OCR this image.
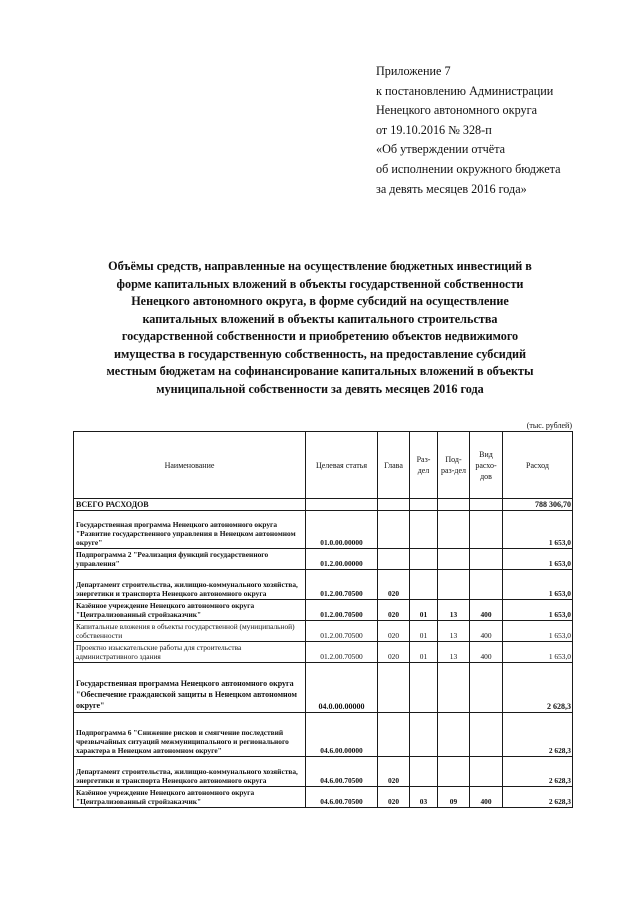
Приложение 7
к постановлению Администрации
Ненецкого автономного округа
от 19.10.2016 № 328-п
«Об утверждении отчёта
об исполнении окружного бюджета
за девять месяцев 2016 года»
Объёмы средств, направленные на осуществление бюджетных инвестиций в
форме капитальных вложений в объекты государственной собственности
Ненецкого автономного округа, в форме субсидий на осуществление
капитальных вложений в объекты капитального строительства
государственной собственности и приобретению объектов недвижимого
имущества в государственную собственность, на предоставление субсидий
местным бюджетам на софинансирование капитальных вложений в объекты
муниципальной собственности за девять месяцев 2016 года
(тыс. рублей)
Наименование	Целевая статья	Глава	Раз-дел	Под-раз-дел	Вид расхо-дов	Расход
ВСЕГО РАСХОДОВ						788 306,70
Государственная программа Ненецкого автономного округа "Развитие государственного управления в Ненецком автономном округе"	01.0.00.00000					1 653,0
Подпрограмма 2 "Реализация функций государственного управления"	01.2.00.00000					1 653,0
Департамент строительства, жилищно-коммунального хозяйства, энергетики и транспорта Ненецкого автономного округа	01.2.00.70500	020				1 653,0
Казённое учреждение Ненецкого автономного округа "Централизованный стройзаказчик"	01.2.00.70500	020	01	13	400	1 653,0
Капитальные вложения в объекты государственной (муниципальной) собственности	01.2.00.70500	020	01	13	400	1 653,0
Проектно изыскательские работы для строительства административного здания	01.2.00.70500	020	01	13	400	1 653,0
Государственная программа Ненецкого автономного округа "Обеспечение гражданской защиты в Ненецком автономном округе"	04.0.00.00000					2 628,3
Подпрограмма 6 "Снижение рисков и смягчение последствий чрезвычайных ситуаций межмуниципального и регионального характера в Ненецком автономном округе"	04.6.00.00000					2 628,3
Департамент строительства, жилищно-коммунального хозяйства, энергетики и транспорта Ненецкого автономного округа	04.6.00.70500	020				2 628,3
Казённое учреждение Ненецкого автономного округа "Централизованный стройзаказчик"	04.6.00.70500	020	03	09	400	2 628,3
